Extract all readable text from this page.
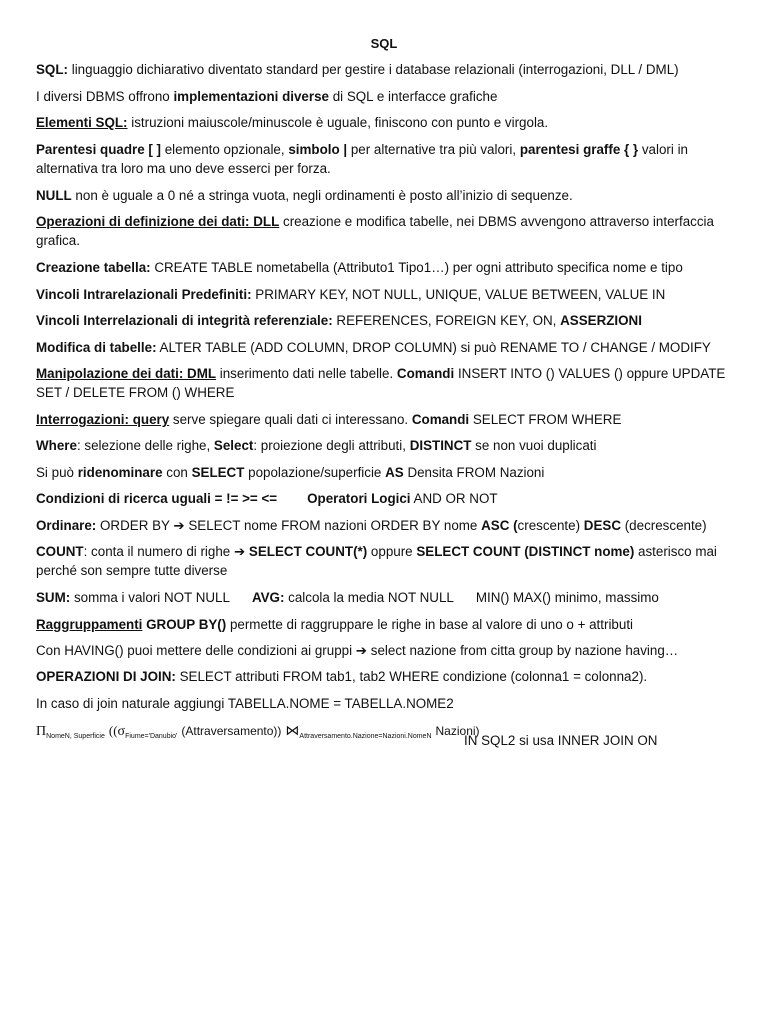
SQL
SQL: linguaggio dichiarativo diventato standard per gestire i database relazionali (interrogazioni, DLL / DML)
I diversi DBMS offrono implementazioni diverse di SQL e interfacce grafiche
Elementi SQL: istruzioni maiuscole/minuscole è uguale, finiscono con punto e virgola.
Parentesi quadre [ ] elemento opzionale, simbolo | per alternative tra più valori, parentesi graffe { } valori in alternativa tra loro ma uno deve esserci per forza.
NULL non è uguale a 0 né a stringa vuota, negli ordinamenti è posto all’inizio di sequenze.
Operazioni di definizione dei dati: DLL creazione e modifica tabelle, nei DBMS avvengono attraverso interfaccia grafica.
Creazione tabella: CREATE TABLE nometabella (Attributo1 Tipo1…) per ogni attributo specifica nome e tipo
Vincoli Intrarelazionali Predefiniti: PRIMARY KEY, NOT NULL, UNIQUE, VALUE BETWEEN, VALUE IN
Vincoli Interrelazionali di integrità referenziale: REFERENCES, FOREIGN KEY, ON, ASSERZIONI
Modifica di tabelle: ALTER TABLE (ADD COLUMN, DROP COLUMN) si può RENAME TO / CHANGE / MODIFY
Manipolazione dei dati: DML inserimento dati nelle tabelle. Comandi INSERT INTO () VALUES () oppure UPDATE SET / DELETE FROM () WHERE
Interrogazioni: query serve spiegare quali dati ci interessano. Comandi SELECT FROM WHERE
Where: selezione delle righe, Select: proiezione degli attributi, DISTINCT se non vuoi duplicati
Si può ridenominare con SELECT popolazione/superficie AS Densita FROM Nazioni
Condizioni di ricerca uguali = != >= <= Operatori Logici AND OR NOT
Ordinare: ORDER BY ➔ SELECT nome FROM nazioni ORDER BY nome ASC (crescente) DESC (decrescente)
COUNT: conta il numero di righe ➔ SELECT COUNT(*) oppure SELECT COUNT (DISTINCT nome) asterisco mai perché son sempre tutte diverse
SUM: somma i valori NOT NULL AVG: calcola la media NOT NULL MIN() MAX() minimo, massimo
Raggruppamenti GROUP BY() permette di raggruppare le righe in base al valore di uno o + attributi
Con HAVING() puoi mettere delle condizioni ai gruppi ➔ select nazione from citta group by nazione having…
OPERAZIONI DI JOIN: SELECT attributi FROM tab1, tab2 WHERE condizione (colonna1 = colonna2).
In caso di join naturale aggiungi TABELLA.NOME = TABELLA.NOME2
$\Pi_{NomeN, Superficie}$ (($\sigma_{Fiume='Danubio'}$ (Attraversamento)) $⋈_{Attraversamento.Nazione=Nazioni.NomeN}$ Nazioni)
IN SQL2 si usa INNER JOIN ON
